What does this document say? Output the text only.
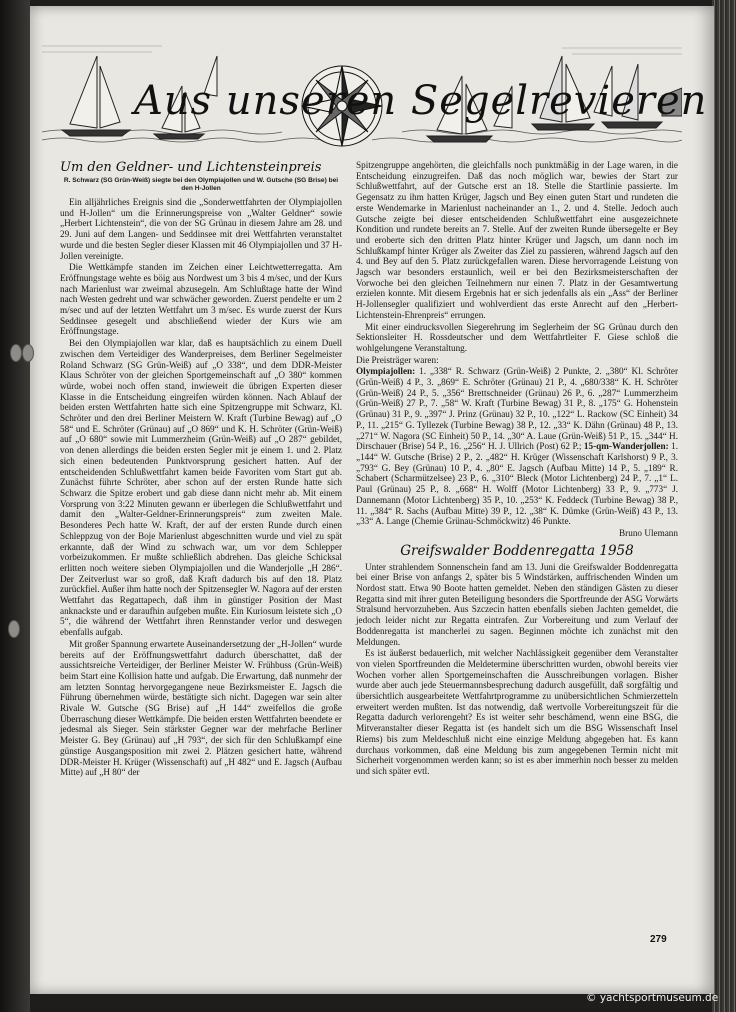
Aus unseren Segelrevieren
Um den Geldner- und Lichtensteinpreis
R. Schwarz (SG Grün-Weiß) siegte bei den Olympiajollen und W. Gutsche (SG Brise) bei den H-Jollen

Ein alljährliches Ereignis sind die „Sonderwettfahrten der Olympiajollen und H-Jollen“ um die Erinnerungspreise von „Walter Geldner“ sowie „Herbert Lichtenstein“, die von der SG Grünau in diesem Jahre am 28. und 29. Juni auf dem Langen- und Seddinsee mit drei Wettfahrten veranstaltet wurde und die besten Segler dieser Klassen mit 46 Olympiajollen und 37 H-Jollen vereinigte.

Die Wettkämpfe standen im Zeichen einer Leichtwetterregatta. Am Eröffnungstage wehte es böig aus Nordwest um 3 bis 4 m/sec, und der Kurs nach Marienlust war zweimal abzusegeln. Am Schlußtage hatte der Wind nach Westen gedreht und war schwächer geworden. Zuerst pendelte er um 2 m/sec und auf der letzten Wettfahrt um 3 m/sec. Es wurde zuerst der Kurs Seddinsee gesegelt und abschließend wieder der Kurs wie am Eröffnungstage.

Bei den Olympiajollen war klar, daß es hauptsächlich zu einem Duell zwischen dem Verteidiger des Wanderpreises, dem Berliner Segelmeister Roland Schwarz (SG Grün-Weiß) auf „O 338“, und dem DDR-Meister Klaus Schröter von der gleichen Sportgemeinschaft auf „O 380“ kommen würde, wobei noch offen stand, inwieweit die übrigen Experten dieser Klasse in die Entscheidung eingreifen würden können. Nach Ablauf der beiden ersten Wettfahrten hatte sich eine Spitzengruppe mit Schwarz, Kl. Schröter und den drei Berliner Meistern W. Kraft (Turbine Bewag) auf „O 58“ und E. Schröter (Grünau) auf „O 869“ und K. H. Schröter (Grün-Weiß) auf „O 680“ sowie mit Lummerzheim (Grün-Weiß) auf „O 287“ gebildet, von denen allerdings die beiden ersten Segler mit je einem 1. und 2. Platz sich einen bedeutenden Punktvorsprung gesichert hatten. Auf der entscheidenden Schlußwettfahrt kamen beide Favoriten vom Start gut ab. Zunächst führte Schröter, aber schon auf der ersten Runde hatte sich Schwarz die Spitze erobert und gab diese dann nicht mehr ab. Mit einem Vorsprung von 3:22 Minuten gewann er überlegen die Schlußwettfahrt und damit den „Walter-Geldner-Erinnerungspreis“ zum zweiten Male. Besonderes Pech hatte W. Kraft, der auf der ersten Runde durch einen Schleppzug von der Boje Marienlust abgeschnitten wurde und viel zu spät erkannte, daß der Wind zu schwach war, um vor dem Schlepper vorbeizukommen. Er mußte schließlich abdrehen. Das gleiche Schicksal erlitten noch weitere sieben Olympiajollen und die Wanderjolle „H 286“. Der Zeitverlust war so groß, daß Kraft dadurch bis auf den 18. Platz zurückfiel. Außer ihm hatte noch der Spitzensegler W. Nagora auf der ersten Wettfahrt das Regattapech, daß ihm in günstiger Position der Mast anknackste und er daraufhin aufgeben mußte. Ein Kuriosum leistete sich „O 5“, die während der Wettfahrt ihren Rennstander verlor und deswegen ebenfalls aufgab.

Mit großer Spannung erwartete Auseinandersetzung der „H-Jollen“ wurde bereits auf der Eröffnungswettfahrt dadurch überschattet, daß der aussichtsreiche Verteidiger, der Berliner Meister W. Frühbuss (Grün-Weiß) beim Start eine Kollision hatte und aufgab. Die Erwartung, daß nunmehr der am letzten Sonntag hervorgegangene neue Bezirksmeister E. Jagsch die Führung übernehmen würde, bestätigte sich nicht. Dagegen war sein alter Rivale W. Gutsche (SG Brise) auf „H 144“ zweifellos die große Überraschung dieser Wettkämpfe. Die beiden ersten Wettfahrten beendete er jedesmal als Sieger. Sein stärkster Gegner war der mehrfache Berliner Meister G. Bey (Grünau) auf „H 793“, der sich für den Schlußkampf eine günstige Ausgangsposition mit zwei 2. Plätzen gesichert hatte, während DDR-Meister H. Krüger (Wissenschaft) auf „H 482“ und E. Jagsch (Aufbau Mitte) auf „H 80“ der

Spitzengruppe angehörten, die gleichfalls noch punktmäßig in der Lage waren, in die Entscheidung einzugreifen. Daß das noch möglich war, bewies der Start zur Schlußwettfahrt, auf der Gutsche erst an 18. Stelle die Startlinie passierte. Im Gegensatz zu ihm hatten Krüger, Jagsch und Bey einen guten Start und rundeten die erste Wendemarke in Marienlust nacheinander an 1., 2. und 4. Stelle. Jedoch auch Gutsche zeigte bei dieser entscheidenden Schlußwettfahrt eine ausgezeichnete Kondition und rundete bereits an 7. Stelle. Auf der zweiten Runde übersegelte er Bey und eroberte sich den dritten Platz hinter Krüger und Jagsch, um dann noch im Schlußkampf hinter Krüger als Zweiter das Ziel zu passieren, während Jagsch auf den 4. und Bey auf den 5. Platz zurückgefallen waren. Diese hervorragende Leistung von Jagsch war besonders erstaunlich, weil er bei den Bezirksmeisterschaften der Vorwoche bei den gleichen Teilnehmern nur einen 7. Platz in der Gesamtwertung erzielen konnte. Mit diesem Ergebnis hat er sich jedenfalls als ein „Ass“ der Berliner H-Jollensegler qualifiziert und wohlverdient das erste Anrecht auf den „Herbert-Lichtenstein-Ehrenpreis“ errungen.

Mit einer eindrucksvollen Siegerehrung im Seglerheim der SG Grünau durch den Sektionsleiter H. Rossdeutscher und dem Wettfahrtleiter F. Giese schloß die wohlgelungene Veranstaltung.

Die Preisträger waren:

Olympiajollen: 1. „338“ R. Schwarz (Grün-Weiß) 2 Punkte, 2. „380“ Kl. Schröter (Grün-Weiß) 4 P., 3. „869“ E. Schröter (Grünau) 21 P., 4. „680/338“ K. H. Schröter (Grün-Weiß) 24 P., 5. „356“ Brettschneider (Grünau) 26 P., 6. „287“ Lummerzheim (Grün-Weiß) 27 P., 7. „58“ W. Kraft (Turbine Bewag) 31 P., 8. „175“ G. Hohenstein (Grünau) 31 P., 9. „397“ J. Prinz (Grünau) 32 P., 10. „122“ L. Rackow (SC Einheit) 34 P., 11. „215“ G. Tyllezek (Turbine Bewag) 38 P., 12. „33“ K. Dähn (Grünau) 48 P., 13. „271“ W. Nagora (SC Einheit) 50 P., 14. „30“ A. Laue (Grün-Weiß) 51 P., 15. „344“ H. Dirschauer (Brise) 54 P., 16. „256“ H. J. Ullrich (Post) 62 P.; 15-qm-Wanderjollen: 1. „144“ W. Gutsche (Brise) 2 P., 2. „482“ H. Krüger (Wissenschaft Karlshorst) 9 P., 3. „793“ G. Bey (Grünau) 10 P., 4. „80“ E. Jagsch (Aufbau Mitte) 14 P., 5. „189“ R. Schabert (Scharmützelsee) 23 P., 6. „310“ Bleck (Motor Lichtenberg) 24 P., 7. „1“ L. Paul (Grünau) 25 P., 8. „668“ H. Wolff (Motor Lichtenberg) 33 P., 9. „773“ J. Dannemann (Motor Lichtenberg) 35 P., 10. „253“ K. Feddeck (Turbine Bewag) 38 P., 11. „384“ R. Sachs (Aufbau Mitte) 39 P., 12. „38“ K. Dümke (Grün-Weiß) 43 P., 13. „33“ A. Lange (Chemie Grünau-Schmöckwitz) 46 Punkte.

Bruno Ulemann

Greifswalder Boddenregatta 1958

Unter strahlendem Sonnenschein fand am 13. Juni die Greifswalder Boddenregatta bei einer Brise von anfangs 2, später bis 5 Windstärken, auffrischenden Winden um Nordost statt. Etwa 90 Boote hatten gemeldet. Neben den ständigen Gästen zu dieser Regatta sind mit ihrer guten Beteiligung besonders die Sportfreunde der ASG Vorwärts Stralsund hervorzuheben. Aus Szczecin hatten ebenfalls sieben Jachten gemeldet, die jedoch leider nicht zur Regatta eintrafen. Zur Vorbereitung und zum Verlauf der Boddenregatta ist mancherlei zu sagen. Beginnen möchte ich zunächst mit den Meldungen.

Es ist äußerst bedauerlich, mit welcher Nachlässigkeit gegenüber dem Veranstalter von vielen Sportfreunden die Meldetermine überschritten wurden, obwohl bereits vier Wochen vorher allen Sportgemeinschaften die Ausschreibungen vorlagen. Bisher wurde aber auch jede Steuermannsbesprechung dadurch ausgefüllt, daß sorgfältig und übersichtlich ausgearbeitete Wettfahrtprogramme zu unübersichtlichen Schmierzetteln erweitert werden mußten. Ist das notwendig, daß wertvolle Vorbereitungszeit für die Regatta dadurch verlorengeht? Es ist weiter sehr beschämend, wenn eine BSG, die Mitveranstalter dieser Regatta ist (es handelt sich um die BSG Wissenschaft Insel Riems) bis zum Meldeschluß nicht eine einzige Meldung abgegeben hat. Es kann durchaus vorkommen, daß eine Meldung bis zum angegebenen Termin nicht mit Sicherheit vorgenommen werden kann; so ist es aber immerhin noch besser zu melden und sich später evtl.

279
© yachtsportmuseum.de
